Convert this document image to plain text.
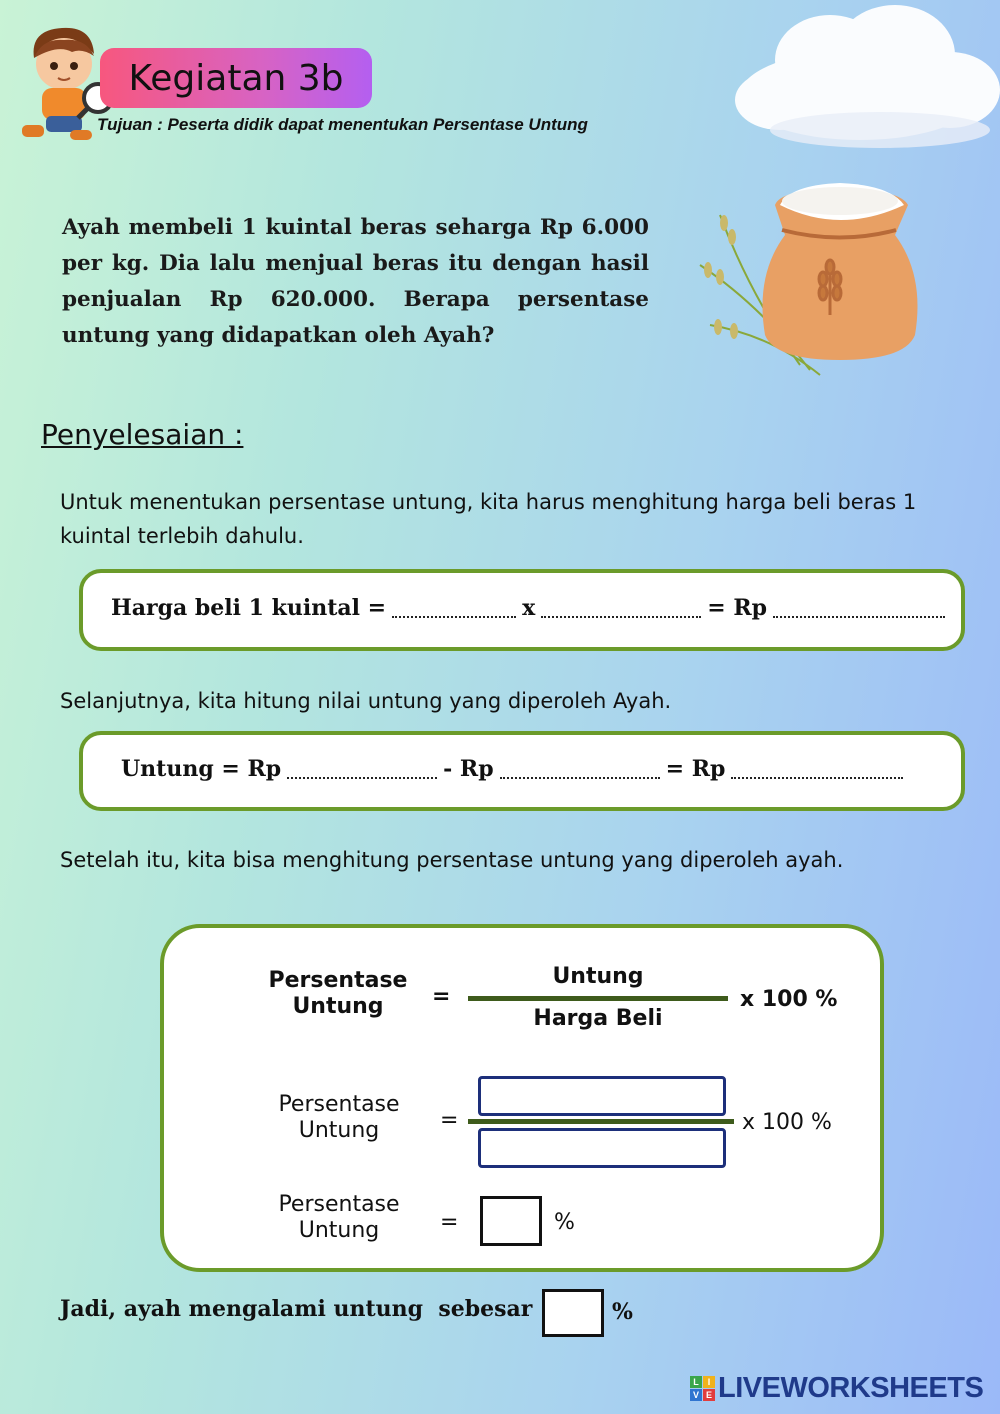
Kegiatan 3b
Tujuan : Peserta didik dapat menentukan Persentase Untung
Ayah membeli 1 kuintal beras seharga Rp 6.000 per kg. Dia lalu menjual beras itu dengan hasil penjualan Rp 620.000. Berapa persentase untung yang didapatkan oleh Ayah?
Penyelesaian :
Untuk menentukan persentase untung, kita harus menghitung harga beli beras 1 kuintal terlebih dahulu.
Harga beli 1 kuintal =	x	= Rp
Selanjutnya, kita hitung nilai untung yang diperoleh Ayah.
Untung = Rp	- Rp	= Rp
Setelah itu, kita bisa menghitung persentase untung yang diperoleh ayah.
Persentase
Untung	=
Untung
Harga Beli
x 100 %
Persentase
Untung	=	x 100 %
Persentase
Untung	=	%
Jadi, ayah mengalami untung  sebesar	%
L I
V E LIVEWORKSHEETS
